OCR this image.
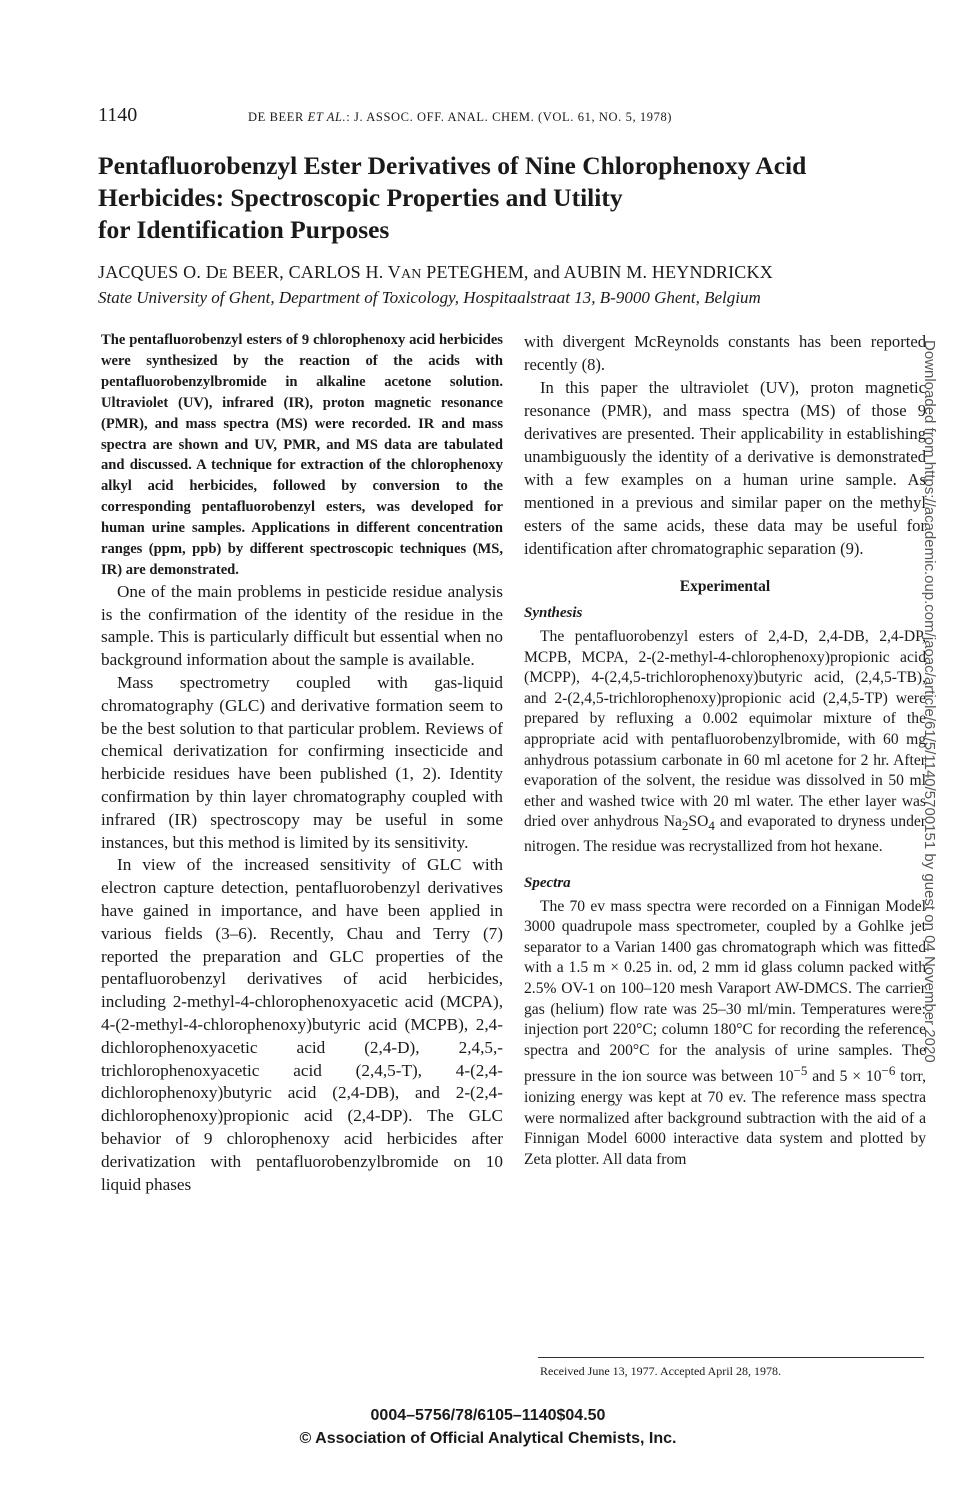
1140	DE BEER ET AL.: J. ASSOC. OFF. ANAL. CHEM. (VOL. 61, NO. 5, 1978)
Pentafluorobenzyl Ester Derivatives of Nine Chlorophenoxy Acid
Herbicides: Spectroscopic Properties and Utility
for Identification Purposes
JACQUES O. DE BEER, CARLOS H. VAN PETEGHEM, and AUBIN M. HEYNDRICKX
State University of Ghent, Department of Toxicology, Hospitaalstraat 13, B-9000 Ghent, Belgium

The pentafluorobenzyl esters of 9 chlorophenoxy acid herbicides were synthesized by the reaction of the acids with pentafluorobenzylbromide in alkaline acetone solution. Ultraviolet (UV), infrared (IR), proton magnetic resonance (PMR), and mass spectra (MS) were recorded. IR and mass spectra are shown and UV, PMR, and MS data are tabulated and discussed. A technique for extraction of the chlorophenoxy alkyl acid herbicides, followed by conversion to the corresponding pentafluorobenzyl esters, was developed for human urine samples. Applications in different concentration ranges (ppm, ppb) by different spectroscopic techniques (MS, IR) are demonstrated.

One of the main problems in pesticide residue analysis is the confirmation of the identity of the residue in the sample. This is particularly difficult but essential when no background information about the sample is available.

Mass spectrometry coupled with gas-liquid chromatography (GLC) and derivative formation seem to be the best solution to that particular problem. Reviews of chemical derivatization for confirming insecticide and herbicide residues have been published (1, 2). Identity confirmation by thin layer chromatography coupled with infrared (IR) spectroscopy may be useful in some instances, but this method is limited by its sensitivity.

In view of the increased sensitivity of GLC with electron capture detection, pentafluorobenzyl derivatives have gained in importance, and have been applied in various fields (3–6). Recently, Chau and Terry (7) reported the preparation and GLC properties of the pentafluorobenzyl derivatives of acid herbicides, including 2-methyl-4-chlorophenoxyacetic acid (MCPA), 4-(2-methyl-4-chlorophenoxy)butyric acid (MCPB), 2,4-dichlorophenoxyacetic acid (2,4-D), 2,4,5,-trichlorophenoxyacetic acid (2,4,5-T), 4-(2,4-dichlorophenoxy)butyric acid (2,4-DB), and 2-(2,4-dichlorophenoxy)propionic acid (2,4-DP). The GLC behavior of 9 chlorophenoxy acid herbicides after derivatization with pentafluorobenzylbromide on 10 liquid phases

with divergent McReynolds constants has been reported recently (8).

In this paper the ultraviolet (UV), proton magnetic resonance (PMR), and mass spectra (MS) of those 9 derivatives are presented. Their applicability in establishing unambiguously the identity of a derivative is demonstrated with a few examples on a human urine sample. As mentioned in a previous and similar paper on the methyl esters of the same acids, these data may be useful for identification after chromatographic separation (9).

Experimental
Synthesis

The pentafluorobenzyl esters of 2,4-D, 2,4-DB, 2,4-DP, MCPB, MCPA, 2-(2-methyl-4-chlorophenoxy)propionic acid (MCPP), 4-(2,4,5-trichlorophenoxy)butyric acid, (2,4,5-TB), and 2-(2,4,5-trichlorophenoxy)propionic acid (2,4,5-TP) were prepared by refluxing a 0.002 equimolar mixture of the appropriate acid with pentafluorobenzylbromide, with 60 mg anhydrous potassium carbonate in 60 ml acetone for 2 hr. After evaporation of the solvent, the residue was dissolved in 50 ml ether and washed twice with 20 ml water. The ether layer was dried over anhydrous $Na_2SO_4$ and evaporated to dryness under nitrogen. The residue was recrystallized from hot hexane.

Spectra

The 70 ev mass spectra were recorded on a Finnigan Model 3000 quadrupole mass spectrometer, coupled by a Gohlke jet separator to a Varian 1400 gas chromatograph which was fitted with a 1.5 m × 0.25 in. od, 2 mm id glass column packed with 2.5% OV-1 on 100–120 mesh Varaport AW-DMCS. The carrier gas (helium) flow rate was 25–30 ml/min. Temperatures were: injection port 220°C; column 180°C for recording the reference spectra and 200°C for the analysis of urine samples. The pressure in the ion source was between $10^{-5}$ and $5 \times 10^{-6}$ torr, ionizing energy was kept at 70 ev. The reference mass spectra were normalized after background subtraction with the aid of a Finnigan Model 6000 interactive data system and plotted by Zeta plotter. All data from

Received June 13, 1977. Accepted April 28, 1978.
0004–5756/78/6105–1140$04.50
© Association of Official Analytical Chemists, Inc.
Downloaded from https://academic.oup.com/jaoac/article/61/5/1140/5700151 by guest on 04 November 2020
